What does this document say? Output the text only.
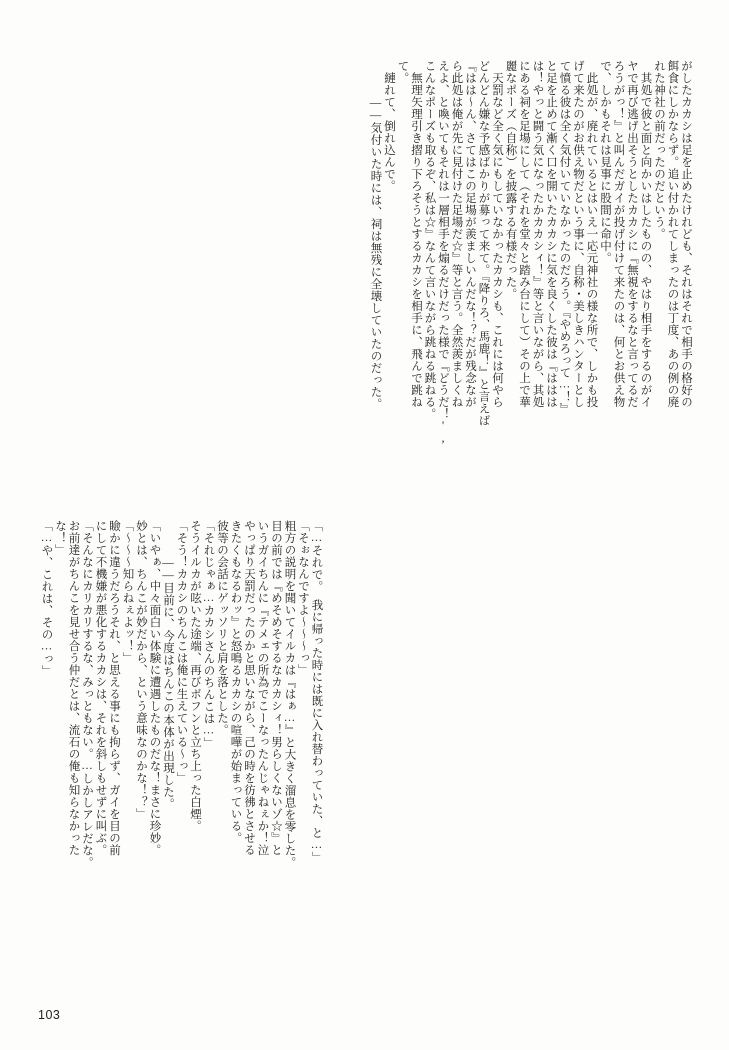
がしたカカシは足を止めたけれども、それはそれで相手の格好の
餌食にしかならず。追い付かれてしまったのは丁度、あの例の廃
れた神社の前だったのだという。
　其処で彼と面と向かいはしたものの、やはり相手をするのがイ
ヤで再び逃げ出そうとしたカカシに『無視をするなと言ってるだ
ろうがっ！』と叫んだガイが投げ付けて来たのは、何とお供え物
で、しかもそれは見事に股間に命中。
　此処が、廃れているとはいえ一応元神社の様な所で、しかも投
げて来たのがお供え物だという事に、自称・美しきハンターとし
て憤る彼は全く気付いていなかったのだろう。『やめろって…！』
と足を止めて漸く口を開いたカカシに気を良くした彼は『ははは
は！やっと闘う気になったかカカシィ！』等と言いながら、其処
にある祠を足場にして（それを堂々と踏み台にして）その上で華
麗なポーズ（自称）を披露する有様だった。
　天罰など全く気にもしていなかったカカシも、これには何やら
どんどん嫌な予感ばかりが募って来て。『降りろ、馬鹿！』と言えば
『はは〜ん、さてはこの足場が羨ましいんだな！？だが残念なが
ら此処は俺が先に見付けた足場だ☆』等と言う。全然羨ましくね
えよ、と喚いてもそれは一層相手を煽るだけだった様で『どうだ！',
こんなポーズも取るぞ、私は☆』なんて言いながら跳ねる跳ねる。
　無理矢理引き摺り下ろそうとするカカシを相手に、飛んで跳ね
て。
　縺れて、倒れ込んで。
　　――気付いた時には、祠は無残に全壊していたのだった。
「…それで。　我に帰った時には既に入れ替わっていた、と…」
「そぉなんですよ〜〜〜っ」
粗方の説明を聞いてイルカは『はぁ…』と大きく溜息を零した。
目の前では『めそめそするなカカシィ！男らしくないゾ☆』と
いうガイちんに『テメェの所為でこーなったんじゃねぇか！泣
やっぱり天罰だったのかと思いながら、己の時を彷彿とさせる
きたくもなるわッ』と怒鳴るカカシの喧嘩が始まっている。
彼等の会話にゲッソリと肩を落とした。
「それじゃぁ…カカシさんのちんこは…」
そうイルカが呟いた途端、再びボフンと立ち上った白煙。
「そう！カカシのちんこは俺に生えている〜っ」
　　――目前に、今度はちんこの本体が出現した。
「いやぁ、中々面白い体験に遭遇したものだな！まさに珍妙。
妙とは、ちんこが妙だから、という意味なのかな！？」
「〜〜〜知らねぇよッ！」
瞼かに違うだろうそれ、と思える事にも拘らず、ガイを目の前
にして不機嫌が悪化するカカシは、それを斜しもせずに叫ぶ。
「そんなにカリカリするな、みっともない。…しかしアレだな。
お前達がちんこを見せ合う仲だとは、流石の俺も知らなかった
な！」
「…や、これは、その…っ」
103
